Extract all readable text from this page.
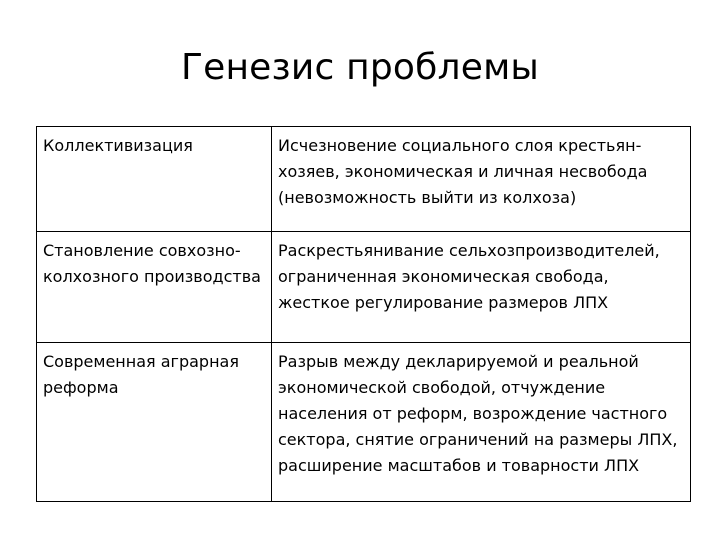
Генезис проблемы
Коллективизация	Исчезновение социального слоя крестьян-хозяев, экономическая и личная несвобода (невозможность выйти из колхоза)
Становление совхозно-колхозного производства	Раскрестьянивание сельхозпроизводителей, ограниченная экономическая свобода, жесткое регулирование размеров ЛПХ
Современная аграрная реформа	Разрыв между декларируемой и реальной экономической свободой, отчуждение населения от реформ, возрождение частного сектора, снятие ограничений на размеры ЛПХ, расширение масштабов и товарности ЛПХ
